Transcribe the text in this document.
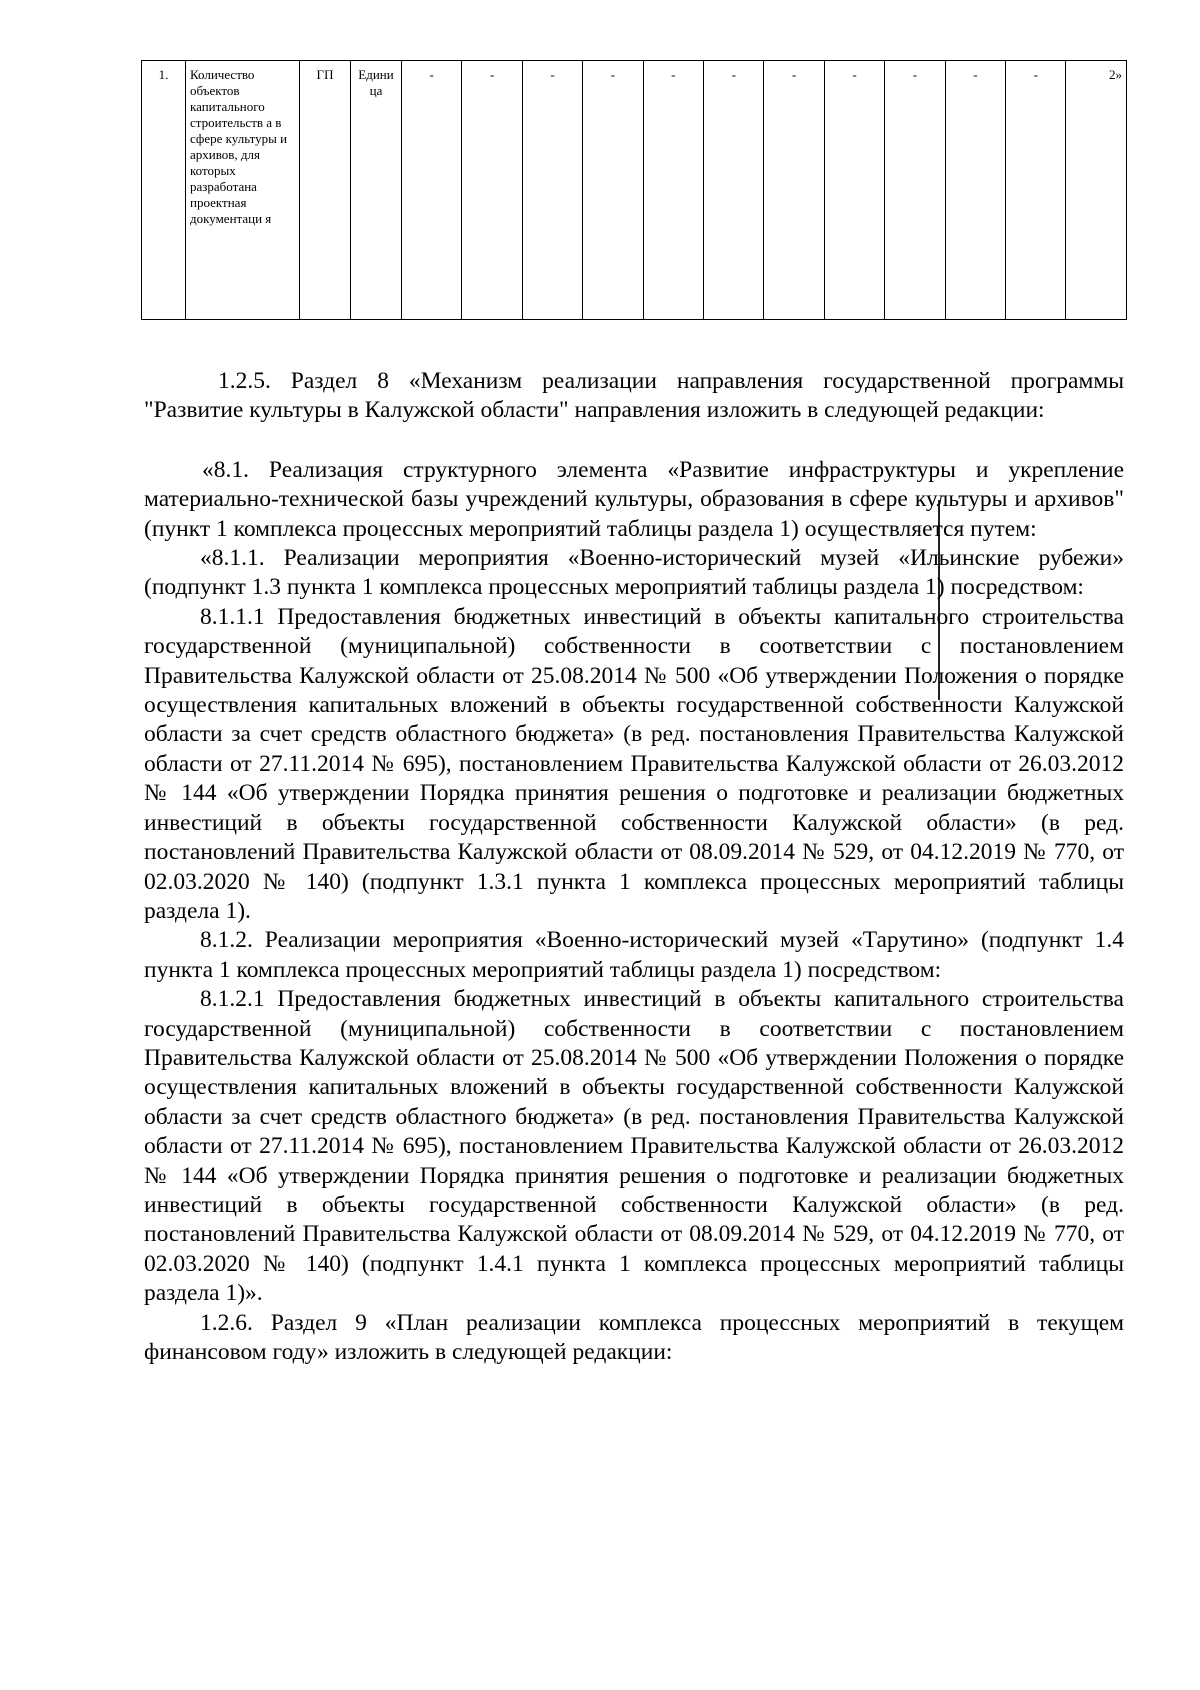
1.	Количество объектов капитального строительств а в сфере культуры и архивов, для которых разработана проектная документаци я	ГП	Едини ца	-	-	-	-	-	-	-	-	-	-	-	2»

1.2.5. Раздел 8 «Механизм реализации направления государственной программы "Развитие культуры в Калужской области" направления изложить в следующей редакции:

«8.1. Реализация структурного элемента «Развитие инфраструктуры и укрепление материально-технической базы учреждений культуры, образования в сфере культуры и архивов" (пункт 1 комплекса процессных мероприятий таблицы раздела 1) осуществляется путем:

«8.1.1. Реализации мероприятия «Военно-исторический музей «Ильинские рубежи» (подпункт 1.3 пункта 1 комплекса процессных мероприятий таблицы раздела 1) посредством:

8.1.1.1 Предоставления бюджетных инвестиций в объекты капитального строительства государственной (муниципальной) собственности в соответствии с постановлением Правительства Калужской области от 25.08.2014 № 500 «Об утверждении Положения о порядке осуществления капитальных вложений в объекты государственной собственности Калужской области за счет средств областного бюджета» (в ред. постановления Правительства Калужской области от 27.11.2014 № 695), постановлением Правительства Калужской области от 26.03.2012 № 144 «Об утверждении Порядка принятия решения о подготовке и реализации бюджетных инвестиций в объекты государственной собственности Калужской области» (в ред. постановлений Правительства Калужской области от 08.09.2014 № 529, от 04.12.2019 № 770, от 02.03.2020 № 140) (подпункт 1.3.1 пункта 1 комплекса процессных мероприятий таблицы раздела 1).

8.1.2. Реализации мероприятия «Военно-исторический музей «Тарутино» (подпункт 1.4 пункта 1 комплекса процессных мероприятий таблицы раздела 1) посредством:

8.1.2.1 Предоставления бюджетных инвестиций в объекты капитального строительства государственной (муниципальной) собственности в соответствии с постановлением Правительства Калужской области от 25.08.2014 № 500 «Об утверждении Положения о порядке осуществления капитальных вложений в объекты государственной собственности Калужской области за счет средств областного бюджета» (в ред. постановления Правительства Калужской области от 27.11.2014 № 695), постановлением Правительства Калужской области от 26.03.2012 № 144 «Об утверждении Порядка принятия решения о подготовке и реализации бюджетных инвестиций в объекты государственной собственности Калужской области» (в ред. постановлений Правительства Калужской области от 08.09.2014 № 529, от 04.12.2019 № 770, от 02.03.2020 № 140) (подпункт 1.4.1 пункта 1 комплекса процессных мероприятий таблицы раздела 1)».

1.2.6. Раздел 9 «План реализации комплекса процессных мероприятий в текущем финансовом году» изложить в следующей редакции:
